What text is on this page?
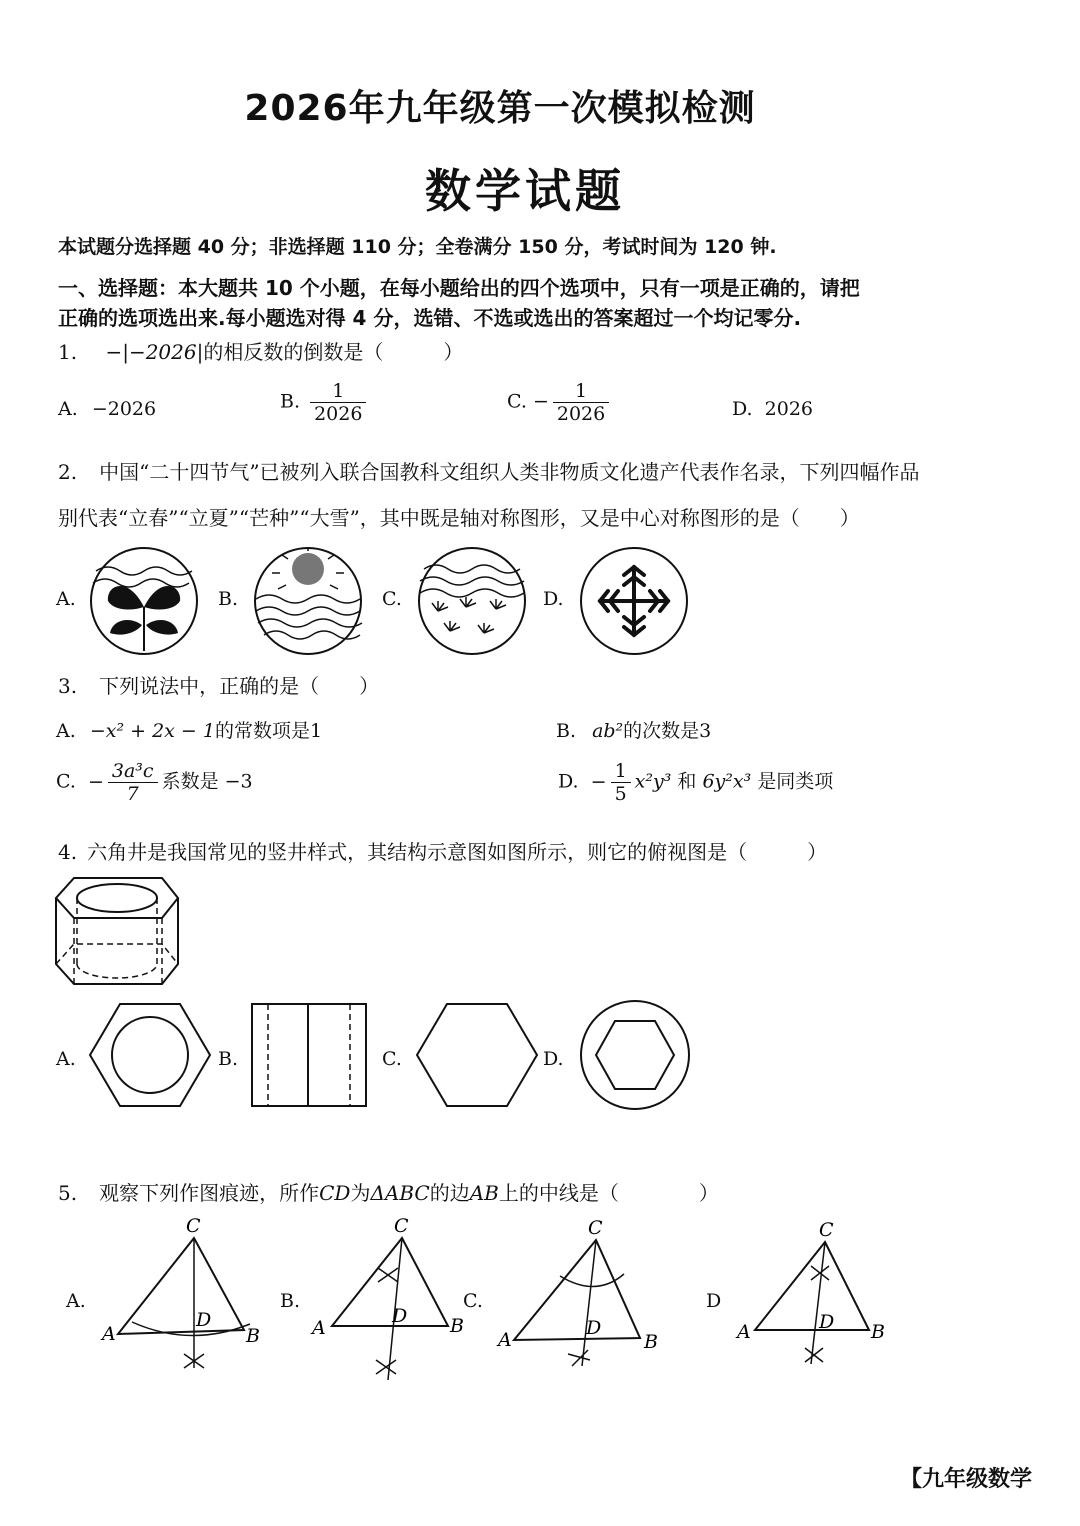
2026年九年级第一次模拟检测
数学试题
本试题分选择题 40 分；非选择题 110 分；全卷满分 150 分，考试时间为 120 钟.
一、选择题：本大题共 10 个小题，在每小题给出的四个选项中，只有一项是正确的，请把
正确的选项选出来.每小题选对得 4 分，选错、不选或选出的答案超过一个均记零分.
1. −|−2026|的相反数的倒数是（　　　）
A. −2026	B. $\frac{1}{2026}$	C. − $\frac{1}{2026}$	D. 2026
2. 中国“二十四节气”已被列入联合国教科文组织人类非物质文化遗产代表作名录，下列四幅作品
别代表“立春”“立夏”“芒种”“大雪”，其中既是轴对称图形，又是中心对称图形的是（　　）
A.	B.	C.	D.
3. 下列说法中，正确的是（　　）
A. −x² + 2x − 1的常数项是1	B. ab²的次数是3
C. − $\frac{\text{3a³c}}{7}$ 系数是 −3	D. − $\frac{1}{5} x^2y^3$ 和 6y²x³ 是同类项
4. 六角井是我国常见的竖井样式，其结构示意图如图所示，则它的俯视图是（　　　）
A.	B.	C.	D.
5. 观察下列作图痕迹，所作CD为ΔABC的边AB上的中线是（　　　　）
A.	B.	C.	D
C
A	B
D
C
A	B
D
C
A	B
D
C
A	B
D
【九年级数学
